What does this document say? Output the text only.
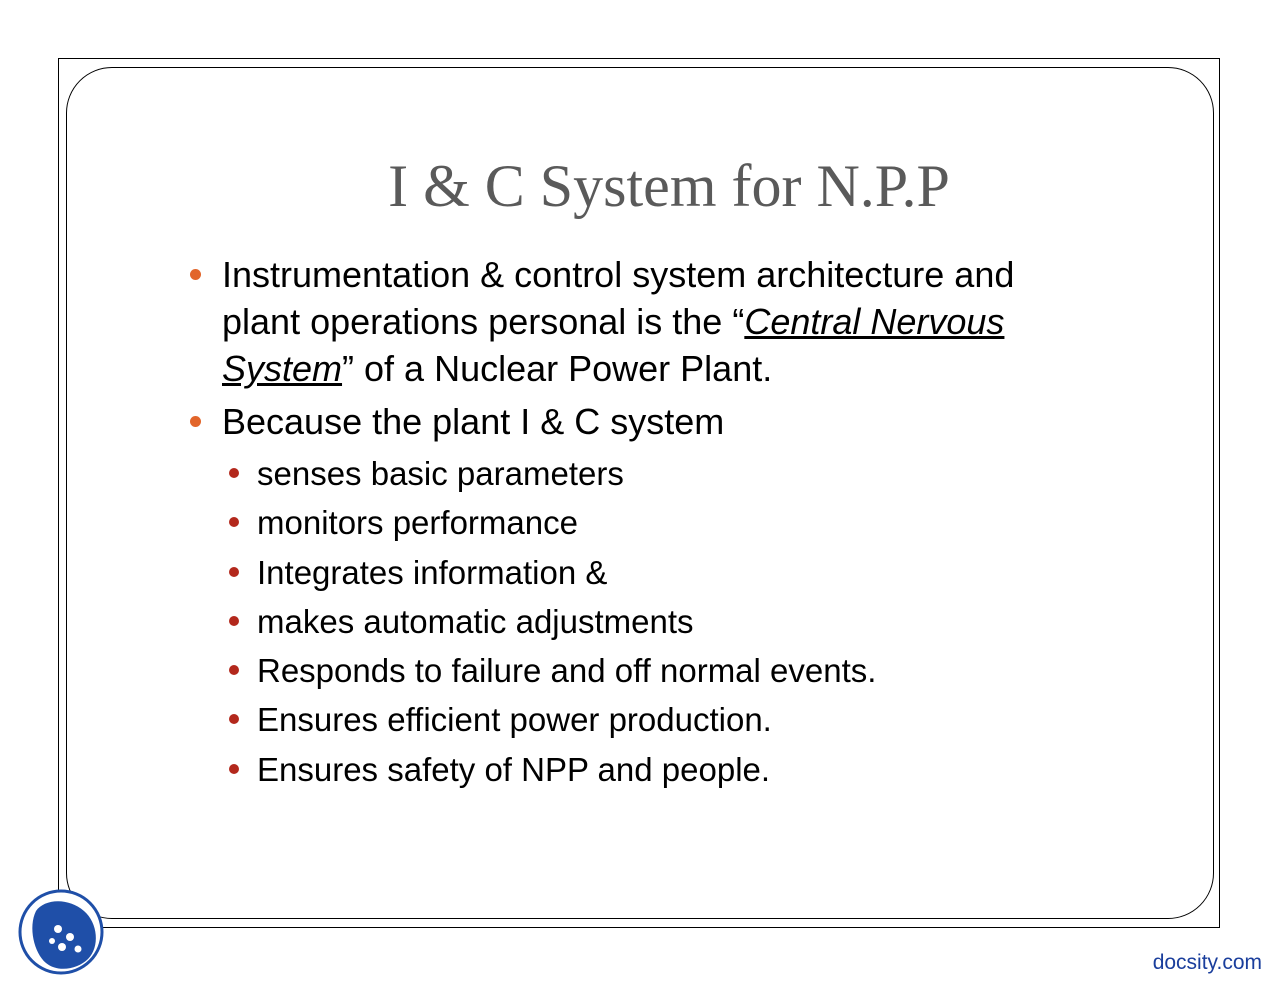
I & C System for N.P.P
Instrumentation & control system architecture and plant operations personal is the “Central Nervous System” of a Nuclear Power Plant.
Because the plant I & C system
senses basic parameters
monitors performance
Integrates information &
makes automatic adjustments
Responds to failure and off normal events.
Ensures efficient power production.
Ensures safety of NPP and people.
docsity.com
